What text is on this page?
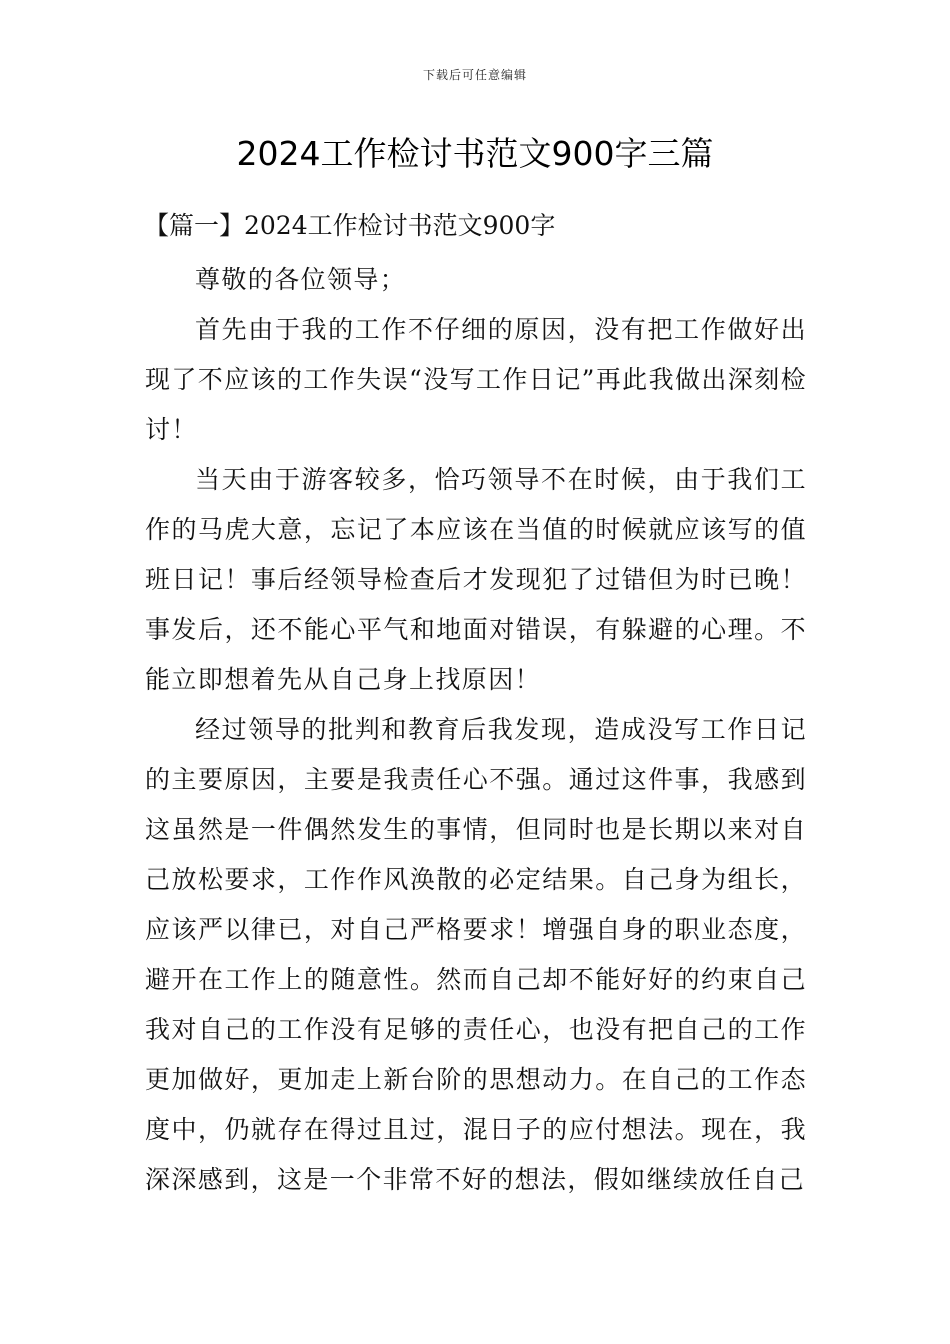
下载后可任意编辑
2024工作检讨书范文900字三篇
【篇一】2024工作检讨书范文900字

尊敬的各位领导；

首先由于我的工作不仔细的原因，没有把工作做好出现了不应该的工作失误“没写工作日记”再此我做出深刻检讨！

当天由于游客较多，恰巧领导不在时候，由于我们工作的马虎大意，忘记了本应该在当值的时候就应该写的值班日记！事后经领导检查后才发现犯了过错但为时已晚！事发后，还不能心平气和地面对错误，有躲避的心理。不能立即想着先从自己身上找原因！

经过领导的批判和教育后我发现，造成没写工作日记的主要原因，主要是我责任心不强。通过这件事，我感到这虽然是一件偶然发生的事情，但同时也是长期以来对自己放松要求，工作作风涣散的必定结果。自己身为组长，应该严以律已，对自己严格要求！增强自身的职业态度，避开在工作上的随意性。然而自己却不能好好的约束自己我对自己的工作没有足够的责任心，也没有把自己的工作更加做好，更加走上新台阶的思想动力。在自己的工作态度中，仍就存在得过且过，混日子的应付想法。现在，我深深感到，这是一个非常不好的想法，假如继续放任自己
